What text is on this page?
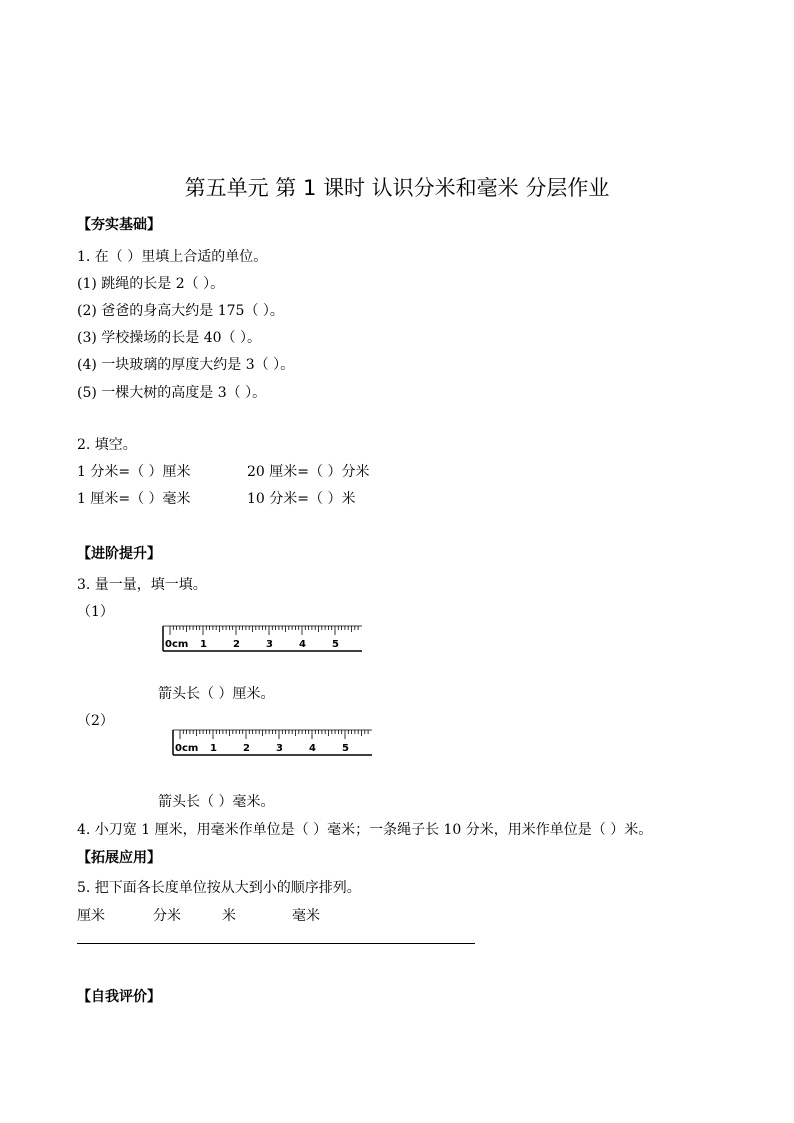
第五单元 第 1 课时 认识分米和毫米 分层作业
【夯实基础】
1. 在（ ）里填上合适的单位。
(1) 跳绳的长是 2（ ）。
(2) 爸爸的身高大约是 175（ ）。
(3) 学校操场的长是 40（ ）。
(4) 一块玻璃的厚度大约是 3（ ）。
(5) 一棵大树的高度是 3（ ）。
2. 填空。
1 分米=（ ）厘米	20 厘米=（ ）分米
1 厘米=（ ）毫米	10 分米=（ ）米
【进阶提升】
3. 量一量，填一填。
（1）
0cm 1	2	3	4	5
箭头长（ ）厘米。
（2）
0cm 1	2	3	4	5
箭头长（ ）毫米。
4. 小刀宽 1 厘米，用毫米作单位是（ ）毫米；一条绳子长 10 分米，用米作单位是（ ）米。
【拓展应用】
5. 把下面各长度单位按从大到小的顺序排列。
厘米	分米	米	毫米
【自我评价】
